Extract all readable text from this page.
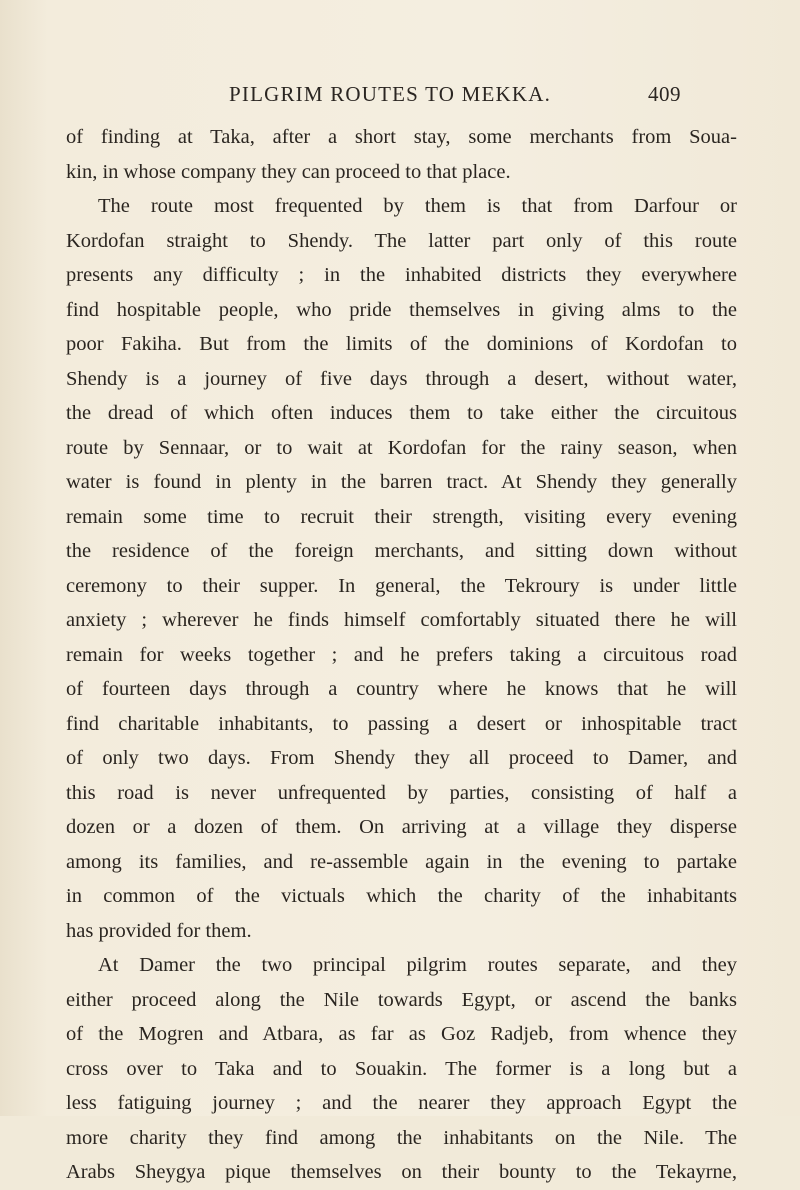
PILGRIM ROUTES TO MEKKA.	409
of finding at Taka, after a short stay, some merchants from Soua-
kin, in whose company they can proceed to that place.
The route most frequented by them is that from Darfour or
Kordofan straight to Shendy. The latter part only of this route
presents any difficulty ; in the inhabited districts they everywhere
find hospitable people, who pride themselves in giving alms to the
poor Fakiha. But from the limits of the dominions of Kordofan to
Shendy is a journey of five days through a desert, without water,
the dread of which often induces them to take either the circuitous
route by Sennaar, or to wait at Kordofan for the rainy season, when
water is found in plenty in the barren tract. At Shendy they generally
remain some time to recruit their strength, visiting every evening
the residence of the foreign merchants, and sitting down without
ceremony to their supper. In general, the Tekroury is under little
anxiety ; wherever he finds himself comfortably situated there he will
remain for weeks together ; and he prefers taking a circuitous road
of fourteen days through a country where he knows that he will
find charitable inhabitants, to passing a desert or inhospitable tract
of only two days. From Shendy they all proceed to Damer, and
this road is never unfrequented by parties, consisting of half a
dozen or a dozen of them. On arriving at a village they disperse
among its families, and re-assemble again in the evening to partake
in common of the victuals which the charity of the inhabitants
has provided for them.
At Damer the two principal pilgrim routes separate, and they
either proceed along the Nile towards Egypt, or ascend the banks
of the Mogren and Atbara, as far as Goz Radjeb, from whence they
cross over to Taka and to Souakin. The former is a long but a
less fatiguing journey ; and the nearer they approach Egypt the
more charity they find among the inhabitants on the Nile. The
Arabs Sheygya pique themselves on their bounty to the Tekayrne,
